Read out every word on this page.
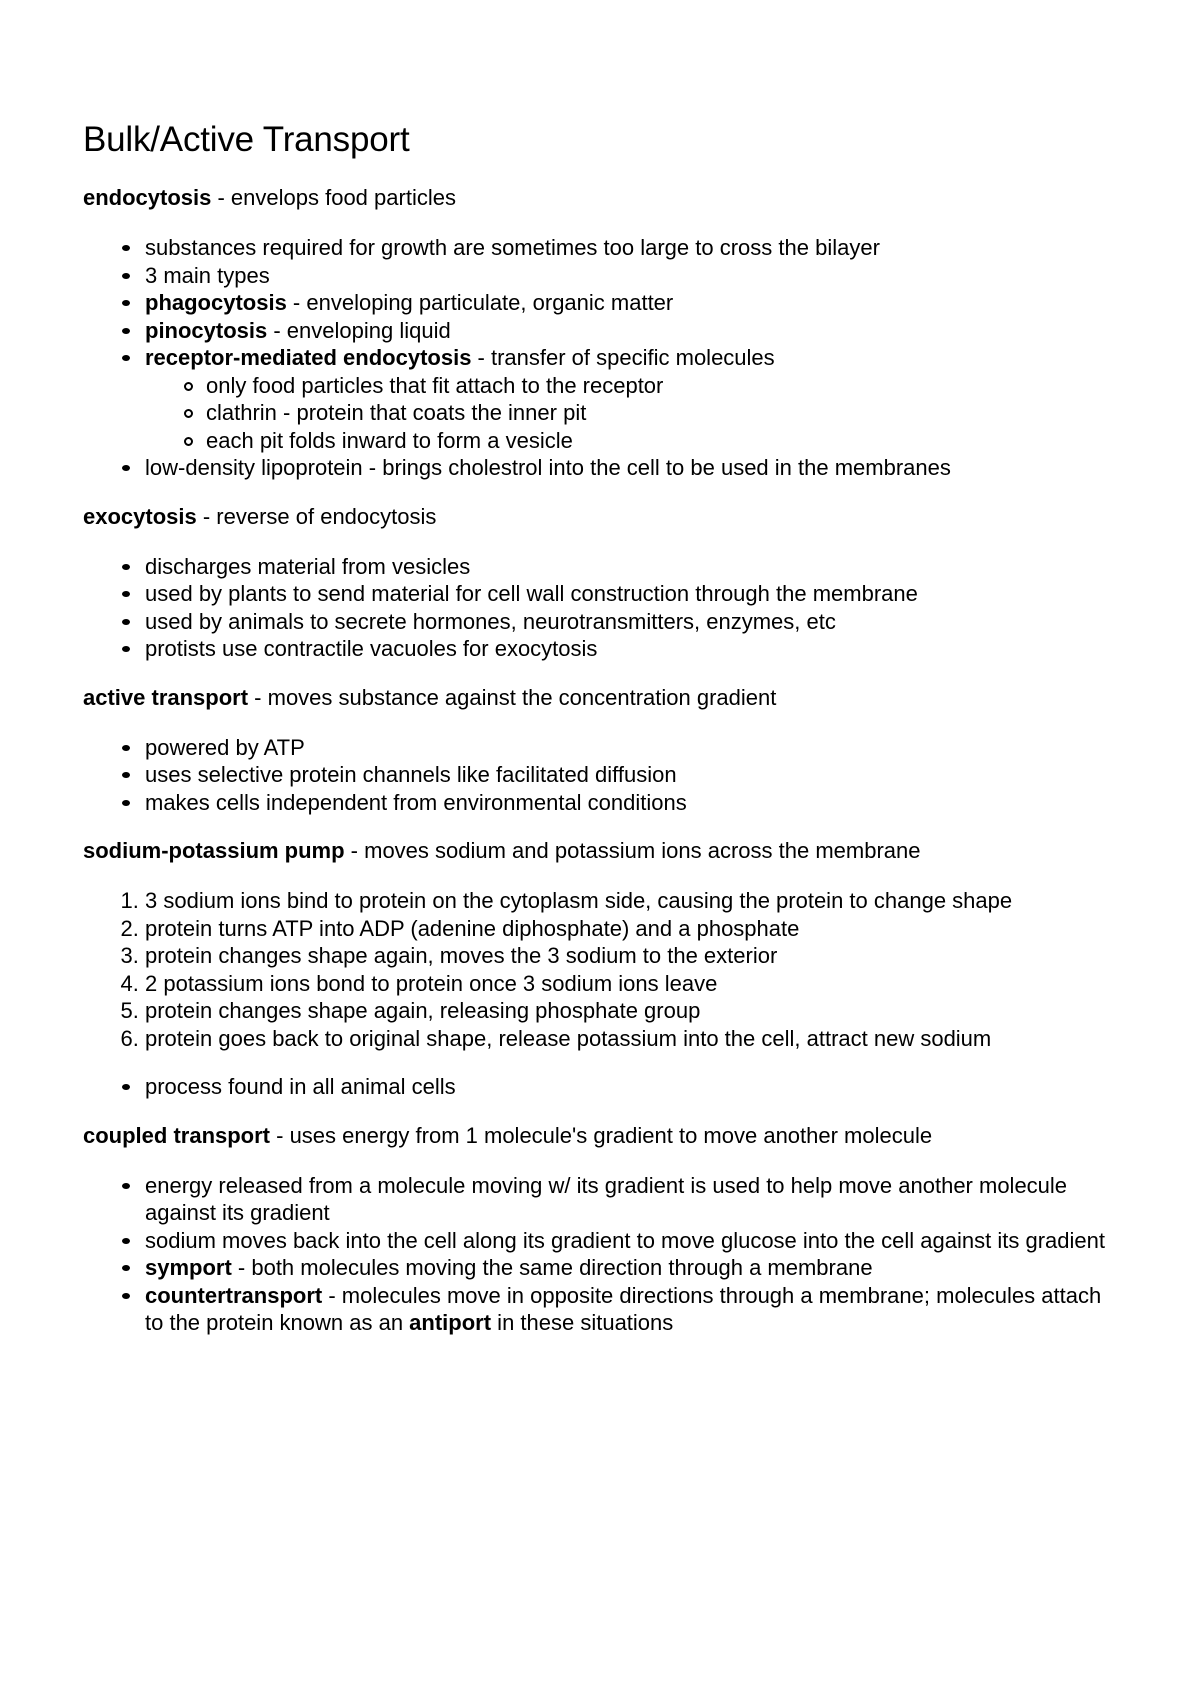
Bulk/Active Transport

endocytosis - envelops food particles

substances required for growth are sometimes too large to cross the bilayer
3 main types
phagocytosis - enveloping particulate, organic matter
pinocytosis - enveloping liquid
receptor-mediated endocytosis - transfer of specific molecules
only food particles that fit attach to the receptor
clathrin - protein that coats the inner pit
each pit folds inward to form a vesicle
low-density lipoprotein - brings cholestrol into the cell to be used in the membranes

exocytosis - reverse of endocytosis

discharges material from vesicles
used by plants to send material for cell wall construction through the membrane
used by animals to secrete hormones, neurotransmitters, enzymes, etc
protists use contractile vacuoles for exocytosis

active transport - moves substance against the concentration gradient

powered by ATP
uses selective protein channels like facilitated diffusion
makes cells independent from environmental conditions

sodium-potassium pump - moves sodium and potassium ions across the membrane

1. 3 sodium ions bind to protein on the cytoplasm side, causing the protein to change shape
2. protein turns ATP into ADP (adenine diphosphate) and a phosphate
3. protein changes shape again, moves the 3 sodium to the exterior
4. 2 potassium ions bond to protein once 3 sodium ions leave
5. protein changes shape again, releasing phosphate group
6. protein goes back to original shape, release potassium into the cell, attract new sodium
process found in all animal cells

coupled transport - uses energy from 1 molecule's gradient to move another molecule

energy released from a molecule moving w/ its gradient is used to help move another molecule against its gradient
sodium moves back into the cell along its gradient to move glucose into the cell against its gradient
symport - both molecules moving the same direction through a membrane
countertransport - molecules move in opposite directions through a membrane; molecules attach to the protein known as an antiport in these situations
